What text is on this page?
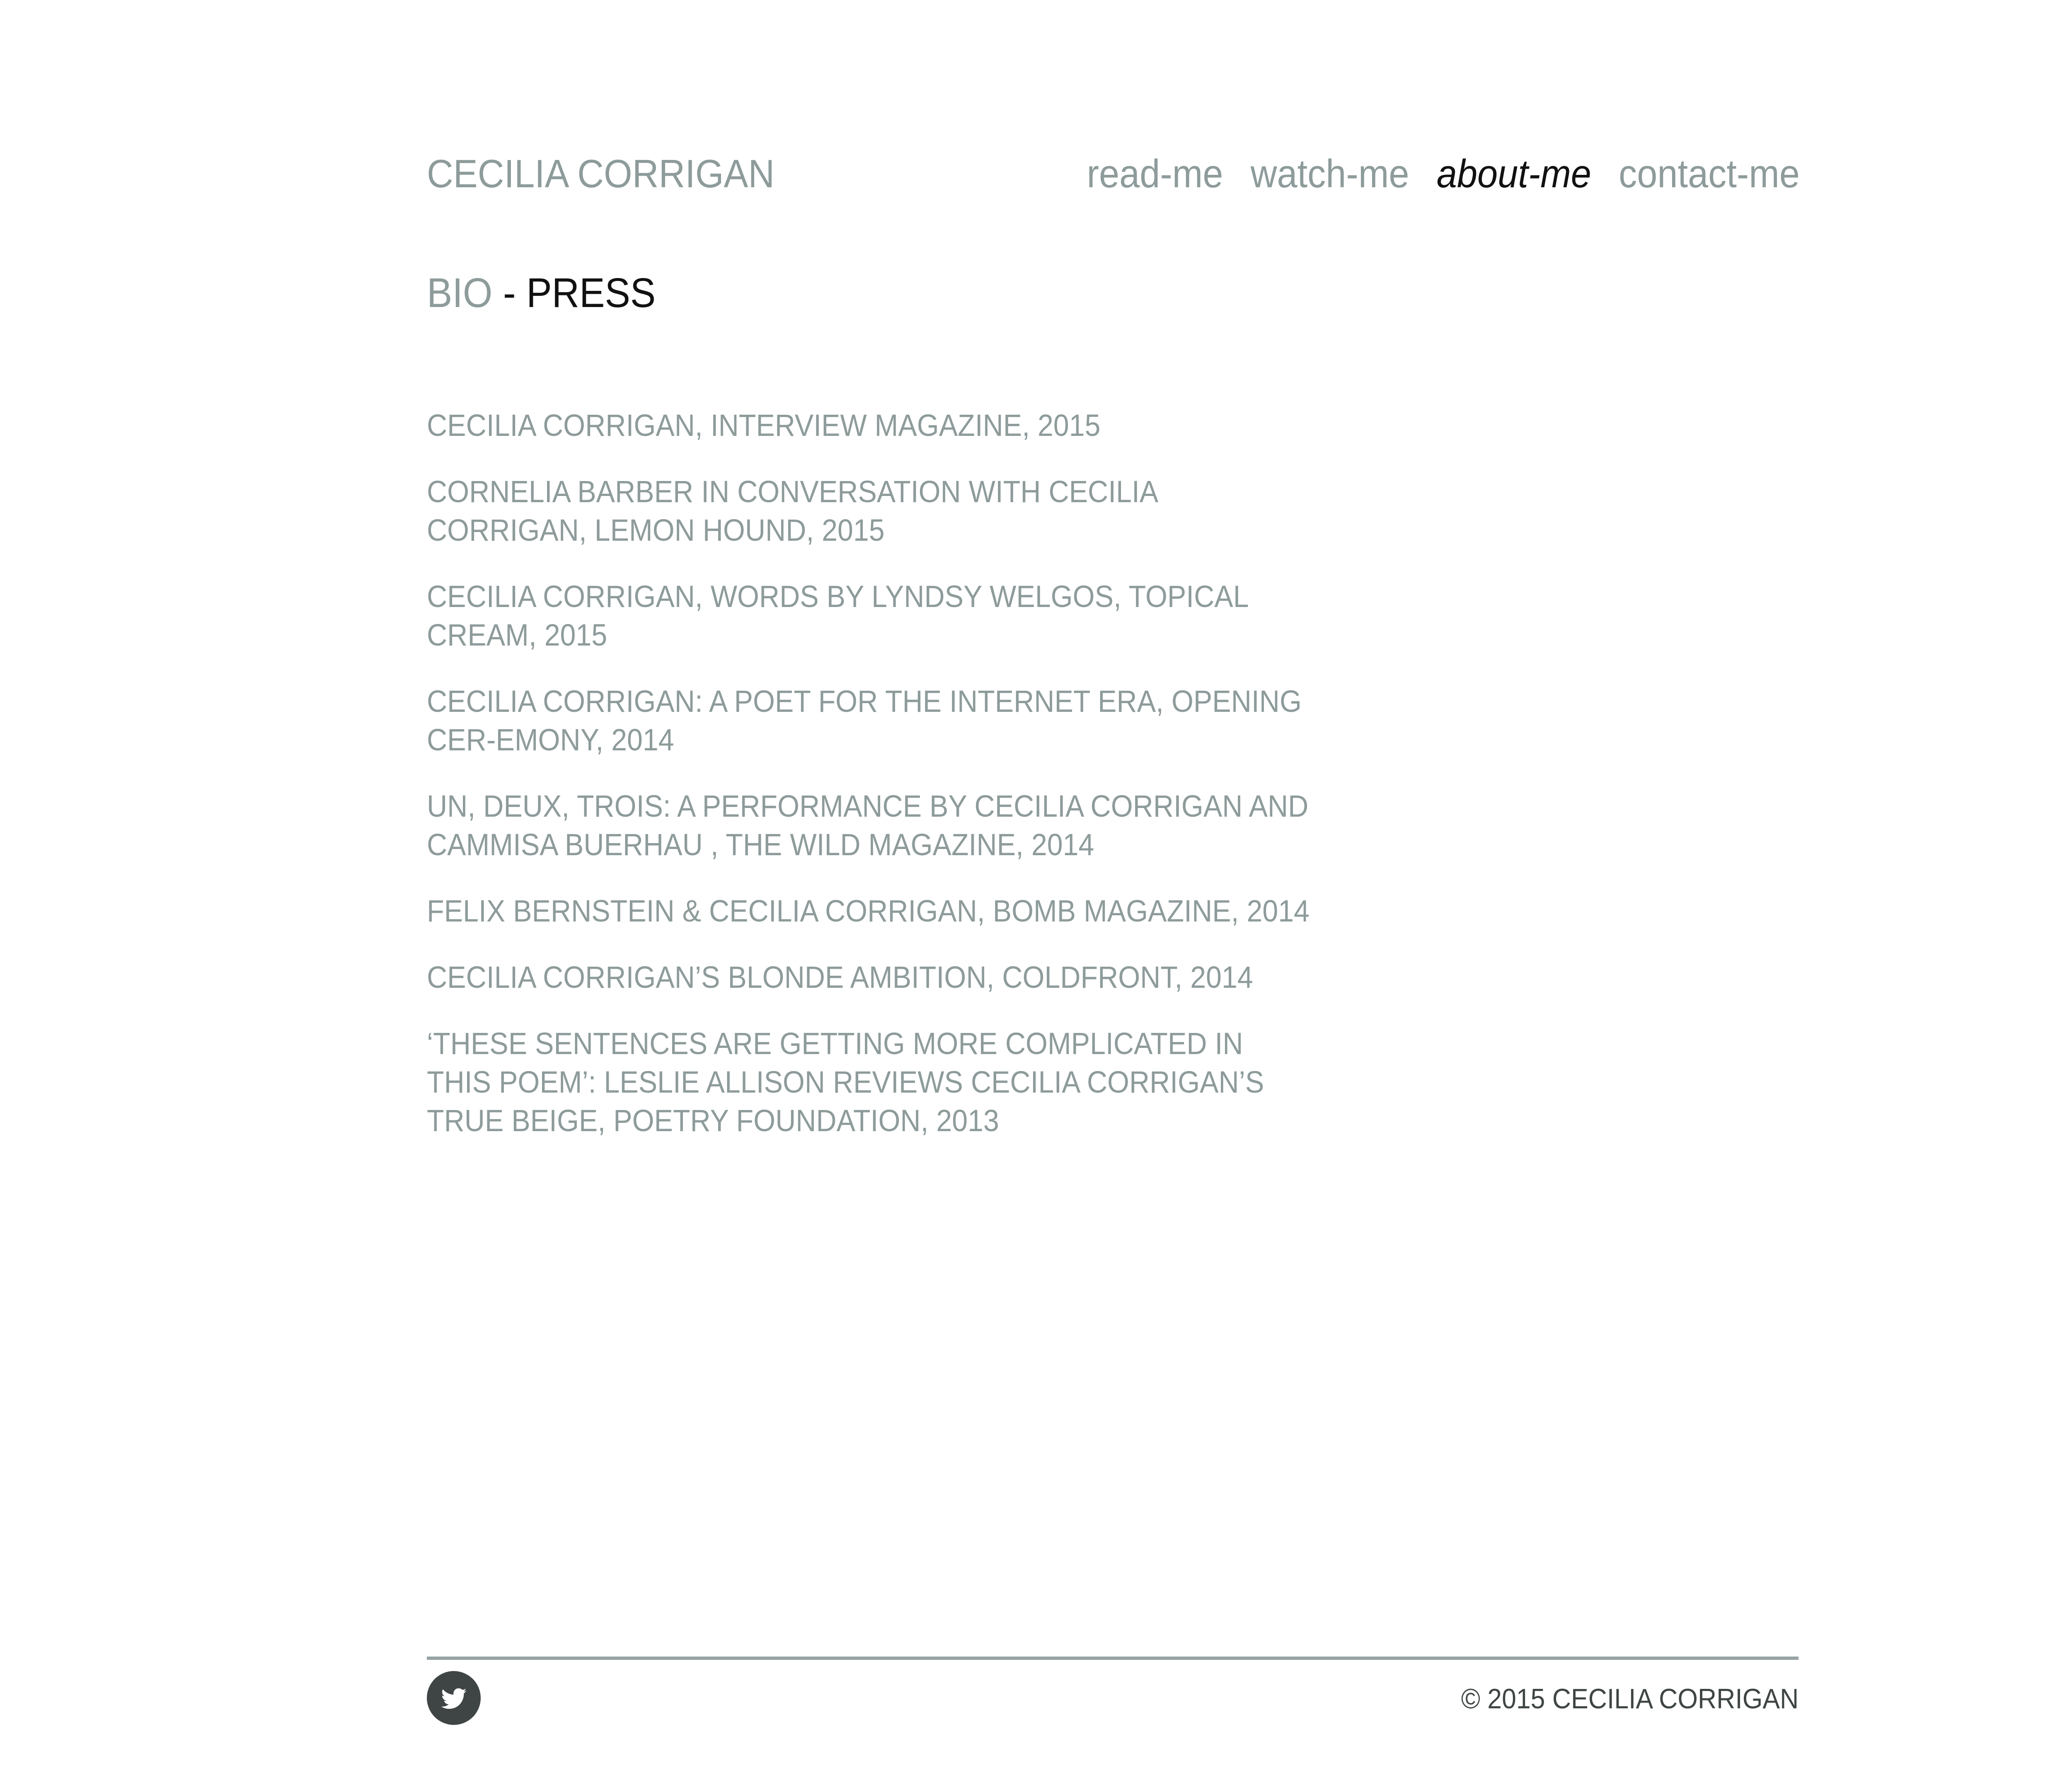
CECILIA CORRIGAN	read-me watch-me about-me contact-me
BIO - PRESS
CECILIA CORRIGAN, INTERVIEW MAGAZINE, 2015
CORNELIA BARBER IN CONVERSATION WITH CECILIA CORRIGAN, LEMON HOUND, 2015
CECILIA CORRIGAN, WORDS BY LYNDSY WELGOS, TOPICAL CREAM, 2015
CECILIA CORRIGAN: A POET FOR THE INTERNET ERA, OPENING CER-EMONY, 2014
UN, DEUX, TROIS: A PERFORMANCE BY CECILIA CORRIGAN AND CAMMISA BUERHAU , THE WILD MAGAZINE, 2014
FELIX BERNSTEIN & CECILIA CORRIGAN, BOMB MAGAZINE, 2014
CECILIA CORRIGAN’S BLONDE AMBITION, COLDFRONT, 2014
‘THESE SENTENCES ARE GETTING MORE COMPLICATED IN THIS POEM’: LESLIE ALLISON REVIEWS CECILIA CORRIGAN’S TRUE BEIGE, POETRY FOUNDATION, 2013
© 2015 CECILIA CORRIGAN
